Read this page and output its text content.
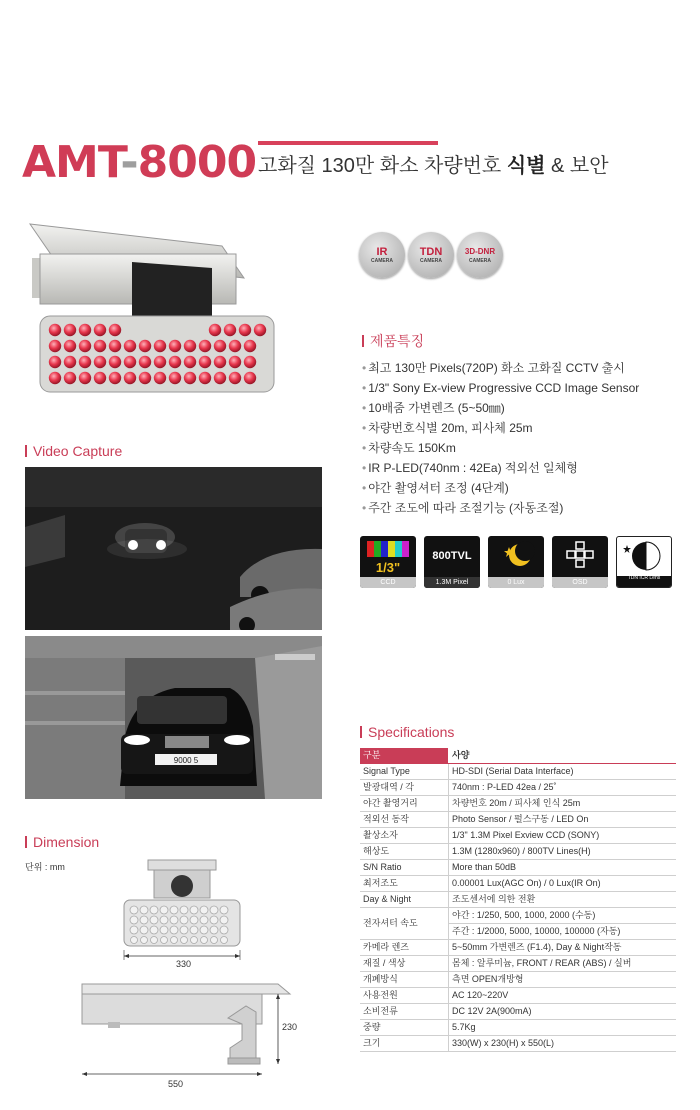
AMT-8000 고화질 130만 화소 차량번호 식별 & 보안
IR
CAMERA
TDN
CAMERA
3D-DNR
CAMERA
제품특징
• 최고 130만 Pixels(720P) 화소 고화질 CCTV 출시
• 1/3" Sony Ex-view Progressive CCD Image Sensor
• 10배줌 가변렌즈 (5~50㎜)
• 차량번호식별 20m, 피사체 25m
• 차량속도 150Km
• IR P-LED(740nm : 42Ea) 적외선 일체형
• 야간 촬영셔터 조정 (4단계)
• 주간 조도에 따라 조절기능 (자동조절)
1/3"
CCD
800TVL
1.3M Pixel	0 Lux	OSD
TDN ICR Lens
Video Capture
9000 5
Specifications
구분	사양
Signal Type	HD-SDI (Serial Data Interface)
발광대역 / 각	740nm : P-LED 42ea / 25˚
야간 촬영거리	차량번호 20m / 피사체 인식 25m
적외선 동작	Photo Sensor / 펄스구동 / LED On
촬상소자	1/3" 1.3M Pixel Exview CCD (SONY)
해상도	1.3M (1280x960) / 800TV Lines(H)
S/N Ratio	More than 50dB
최저조도	0.00001 Lux(AGC On) / 0 Lux(IR On)
Day & Night	조도센서에 의한 전환
전자셔터 속도	야간 : 1/250, 500, 1000, 2000 (수동)
	주간 : 1/2000, 5000, 10000, 100000 (자동)
카메라 렌즈	5~50mm 가변렌즈 (F1.4), Day & Night작동
재질 / 색상	몸체 : 알루미늄, FRONT / REAR (ABS) / 실버
개폐방식	측면 OPEN개방형
사용전원	AC 120~220V
소비전류	DC 12V 2A(900mA)
중량	5.7Kg
크기	330(W) x 230(H) x 550(L)
Dimension
단위 : mm
330
230
550
